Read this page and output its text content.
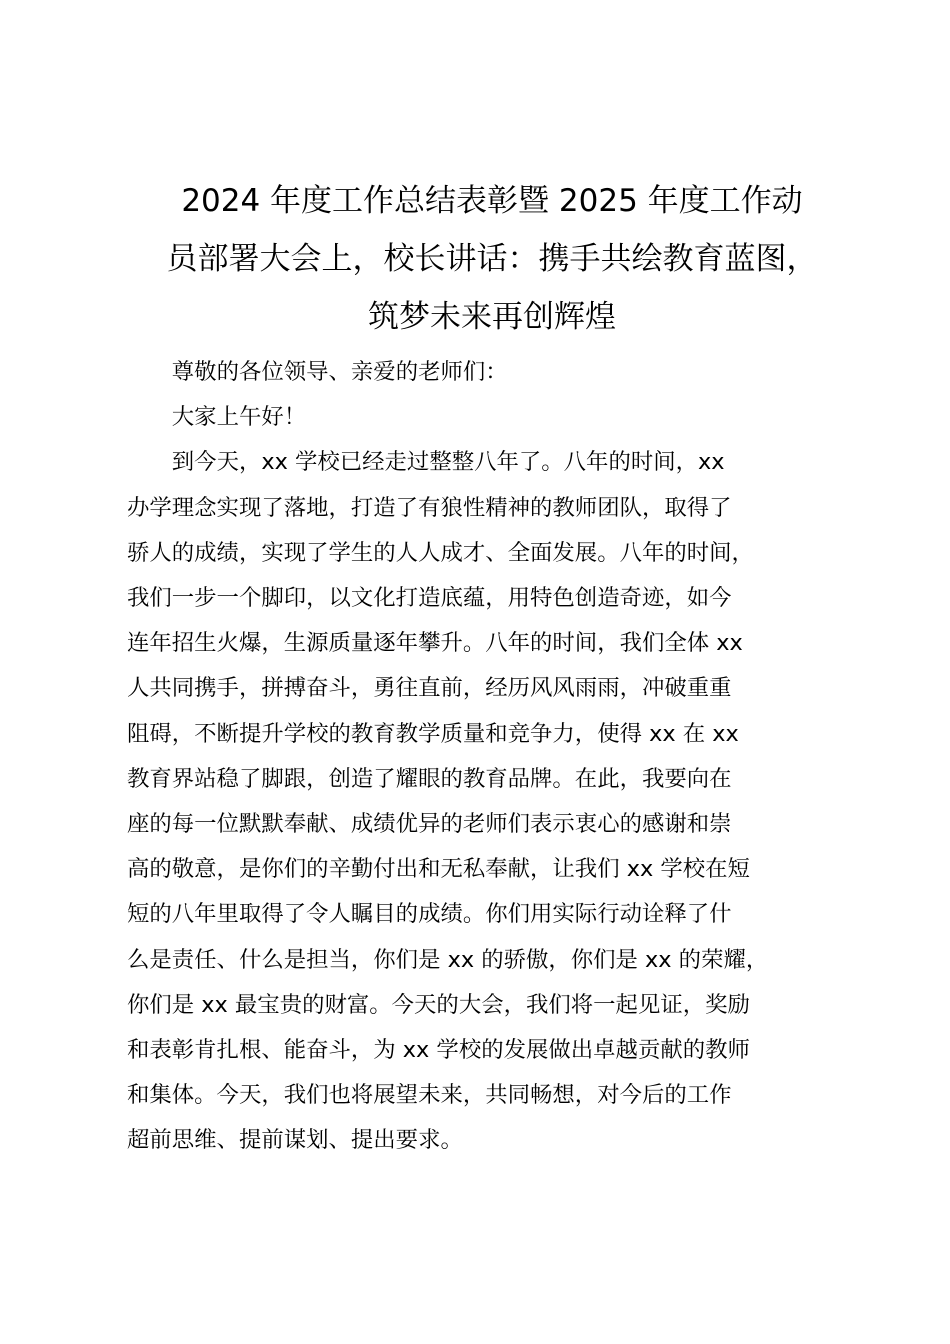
2024 年度工作总结表彰暨 2025 年度工作动
员部署大会上，校长讲话：携手共绘教育蓝图，
筑梦未来再创辉煌

尊敬的各位领导、亲爱的老师们：

大家上午好！

到今天，xx 学校已经走过整整八年了。八年的时间，xx
办学理念实现了落地，打造了有狼性精神的教师团队，取得了
骄人的成绩，实现了学生的人人成才、全面发展。八年的时间，
我们一步一个脚印，以文化打造底蕴，用特色创造奇迹，如今
连年招生火爆，生源质量逐年攀升。八年的时间，我们全体 xx
人共同携手，拼搏奋斗，勇往直前，经历风风雨雨，冲破重重
阻碍，不断提升学校的教育教学质量和竞争力，使得 xx 在 xx
教育界站稳了脚跟，创造了耀眼的教育品牌。在此，我要向在
座的每一位默默奉献、成绩优异的老师们表示衷心的感谢和崇
高的敬意，是你们的辛勤付出和无私奉献，让我们 xx 学校在短
短的八年里取得了令人瞩目的成绩。你们用实际行动诠释了什
么是责任、什么是担当，你们是 xx 的骄傲，你们是 xx 的荣耀，
你们是 xx 最宝贵的财富。今天的大会，我们将一起见证，奖励
和表彰肯扎根、能奋斗，为 xx 学校的发展做出卓越贡献的教师
和集体。今天，我们也将展望未来，共同畅想，对今后的工作
超前思维、提前谋划、提出要求。
